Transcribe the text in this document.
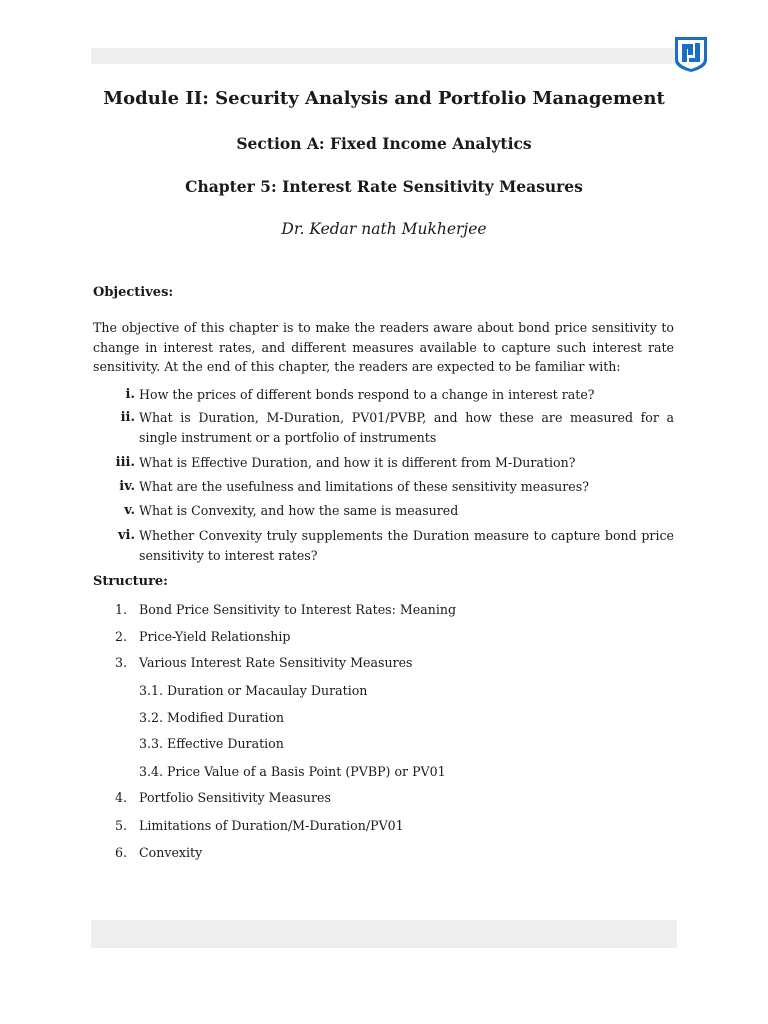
Module II: Security Analysis and Portfolio Management
Section A: Fixed Income Analytics
Chapter 5: Interest Rate Sensitivity Measures
Dr. Kedar nath Mukherjee
Objectives:

The objective of this chapter is to make the readers aware about bond price sensitivity to change in interest rates, and different measures available to capture such interest rate sensitivity. At the end of this chapter, the readers are expected to be familiar with:

i. How the prices of different bonds respond to a change in interest rate?
ii. What is Duration, M-Duration, PV01/PVBP, and how these are measured for a single instrument or a portfolio of instruments
iii. What is Effective Duration, and how it is different from M-Duration?
iv. What are the usefulness and limitations of these sensitivity measures?
v. What is Convexity, and how the same is measured
vi. Whether Convexity truly supplements the Duration measure to capture bond price sensitivity to interest rates?
Structure:
1. Bond Price Sensitivity to Interest Rates: Meaning
2. Price-Yield Relationship
3. Various Interest Rate Sensitivity Measures
3.1. Duration or Macaulay Duration
3.2. Modified Duration
3.3. Effective Duration
3.4. Price Value of a Basis Point (PVBP) or PV01
4. Portfolio Sensitivity Measures
5. Limitations of Duration/M-Duration/PV01
6. Convexity
